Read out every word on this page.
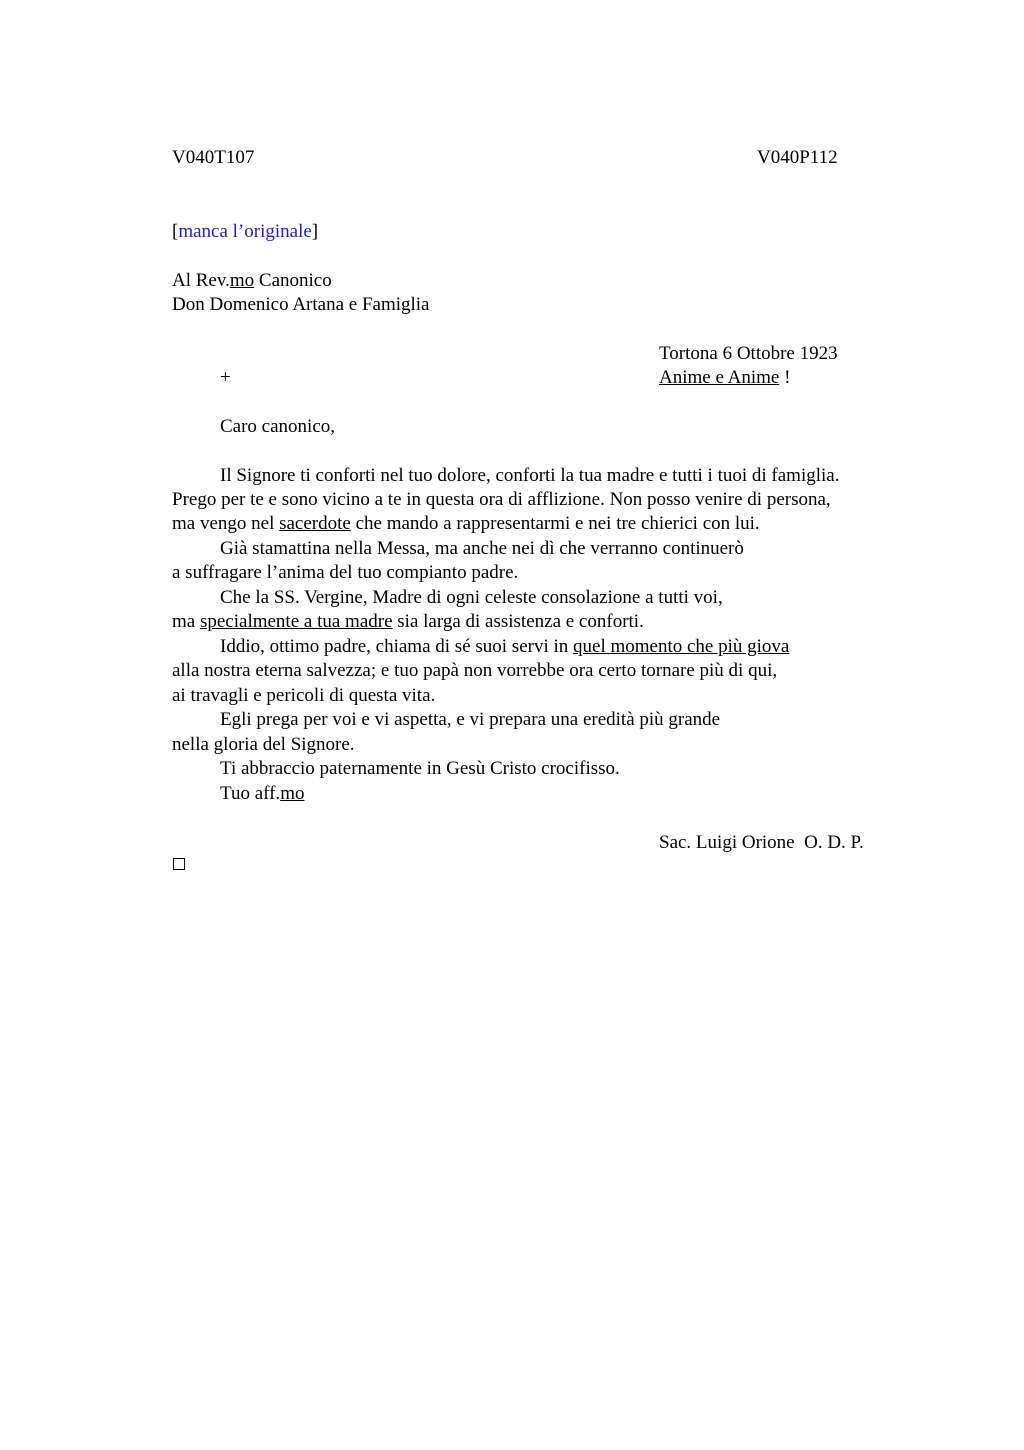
V040T107	V040P112
[manca l’originale]
Al Rev.mo Canonico
Don Domenico Artana e Famiglia
Tortona 6 Ottobre 1923
+	Anime e Anime !
Caro canonico,
Il Signore ti conforti nel tuo dolore, conforti la tua madre e tutti i tuoi di famiglia.
Prego per te e sono vicino a te in questa ora di afflizione. Non posso venire di persona,
ma vengo nel sacerdote che mando a rappresentarmi e nei tre chierici con lui.
Già stamattina nella Messa, ma anche nei dì che verranno continuerò
a suffragare l’anima del tuo compianto padre.
Che la SS. Vergine, Madre di ogni celeste consolazione a tutti voi,
ma specialmente a tua madre sia larga di assistenza e conforti.
Iddio, ottimo padre, chiama di sé suoi servi in quel momento che più giova
alla nostra eterna salvezza; e tuo papà non vorrebbe ora certo tornare più di qui,
ai travagli e pericoli di questa vita.
Egli prega per voi e vi aspetta, e vi prepara una eredità più grande
nella gloria del Signore.
Ti abbraccio paternamente in Gesù Cristo crocifisso.
Tuo aff.mo
Sac. Luigi Orione  O. D. P.
